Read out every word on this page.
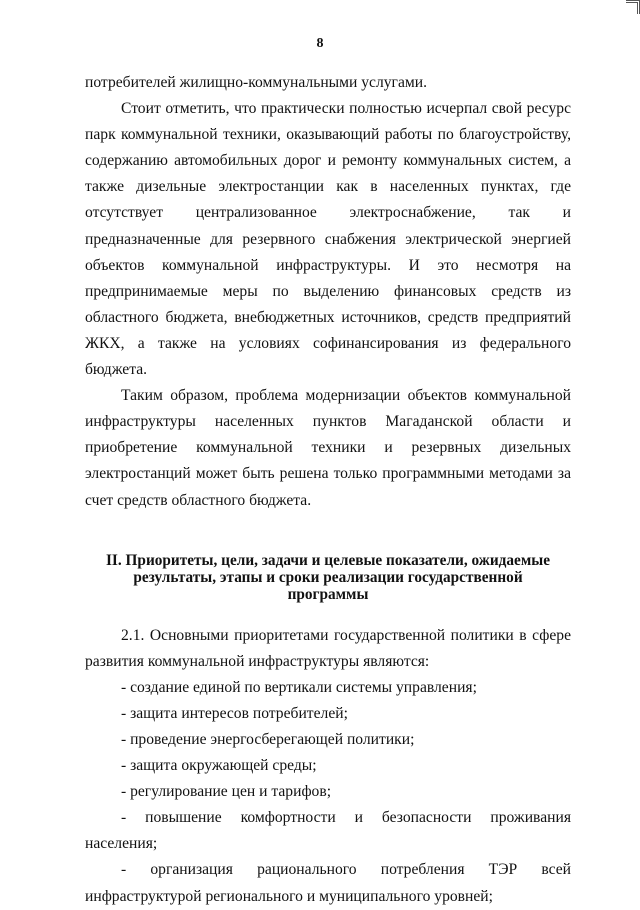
8

потребителей жилищно-коммунальными услугами.

Стоит отметить, что практически полностью исчерпал свой ресурс парк коммунальной техники, оказывающий работы по благоустройству, содержанию автомобильных дорог и ремонту коммунальных систем, а также дизельные электростанции как в населенных пунктах, где отсутствует централизованное электроснабжение, так и предназначенные для резервного снабжения электрической энергией объектов коммунальной инфраструктуры. И это несмотря на предпринимаемые меры по выделению финансовых средств из областного бюджета, внебюджетных источников, средств предприятий ЖКХ, а также на условиях софинансирования из федерального бюджета.

Таким образом, проблема модернизации объектов коммунальной инфраструктуры населенных пунктов Магаданской области и приобретение коммунальной техники и резервных дизельных электростанций может быть решена только программными методами за счет средств областного бюджета.

II. Приоритеты, цели, задачи и целевые показатели, ожидаемые результаты, этапы и сроки реализации государственной программы

2.1. Основными приоритетами государственной политики в сфере развития коммунальной инфраструктуры являются:

- создание единой по вертикали системы управления;

- защита интересов потребителей;

- проведение энергосберегающей политики;

- защита окружающей среды;

- регулирование цен и тарифов;

- повышение комфортности и безопасности проживания населения;

- организация рационального потребления ТЭР всей инфраструктурой регионального и муниципального уровней;
